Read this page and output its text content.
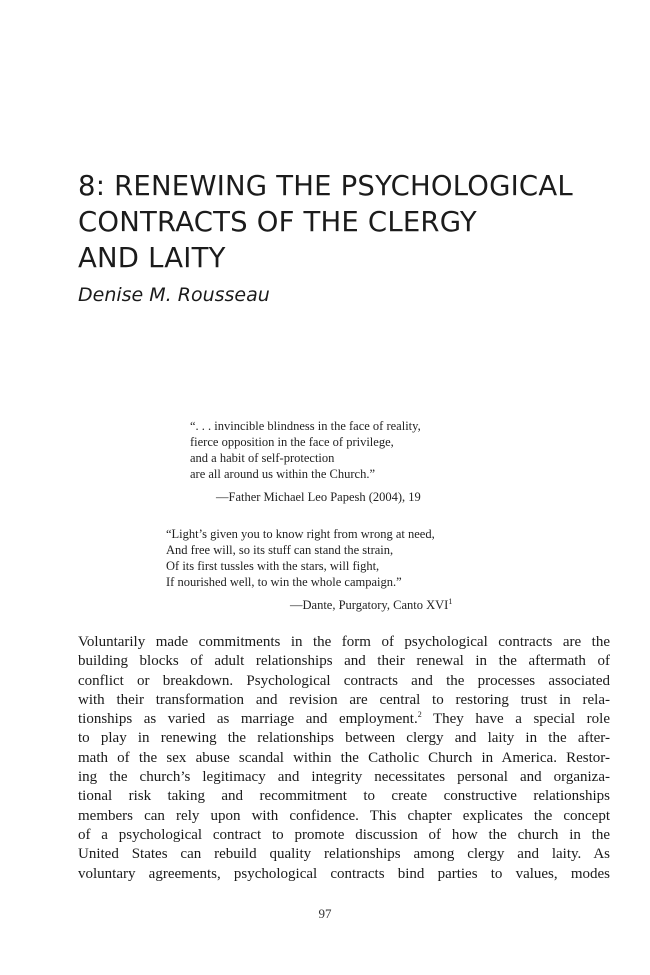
8: RENEWING THE PSYCHOLOGICAL
CONTRACTS OF THE CLERGY
AND LAITY
Denise M. Rousseau
“. . . invincible blindness in the face of reality,
fierce opposition in the face of privilege,
and a habit of self-protection
are all around us within the Church.”
—Father Michael Leo Papesh (2004), 19
“Light’s given you to know right from wrong at need,
And free will, so its stuff can stand the strain,
Of its first tussles with the stars, will fight,
If nourished well, to win the whole campaign.”
—Dante, Purgatory, Canto XVI$^1$
Voluntarily made commitments in the form of psychological contracts are the
building blocks of adult relationships and their renewal in the aftermath of
conflict or breakdown. Psychological contracts and the processes associated
with their transformation and revision are central to restoring trust in rela-
tionships as varied as marriage and employment.$^2$ They have a special role
to play in renewing the relationships between clergy and laity in the after-
math of the sex abuse scandal within the Catholic Church in America. Restor-
ing the church’s legitimacy and integrity necessitates personal and organiza-
tional risk taking and recommitment to create constructive relationships
members can rely upon with confidence. This chapter explicates the concept
of a psychological contract to promote discussion of how the church in the
United States can rebuild quality relationships among clergy and laity. As
voluntary agreements, psychological contracts bind parties to values, modes
97
